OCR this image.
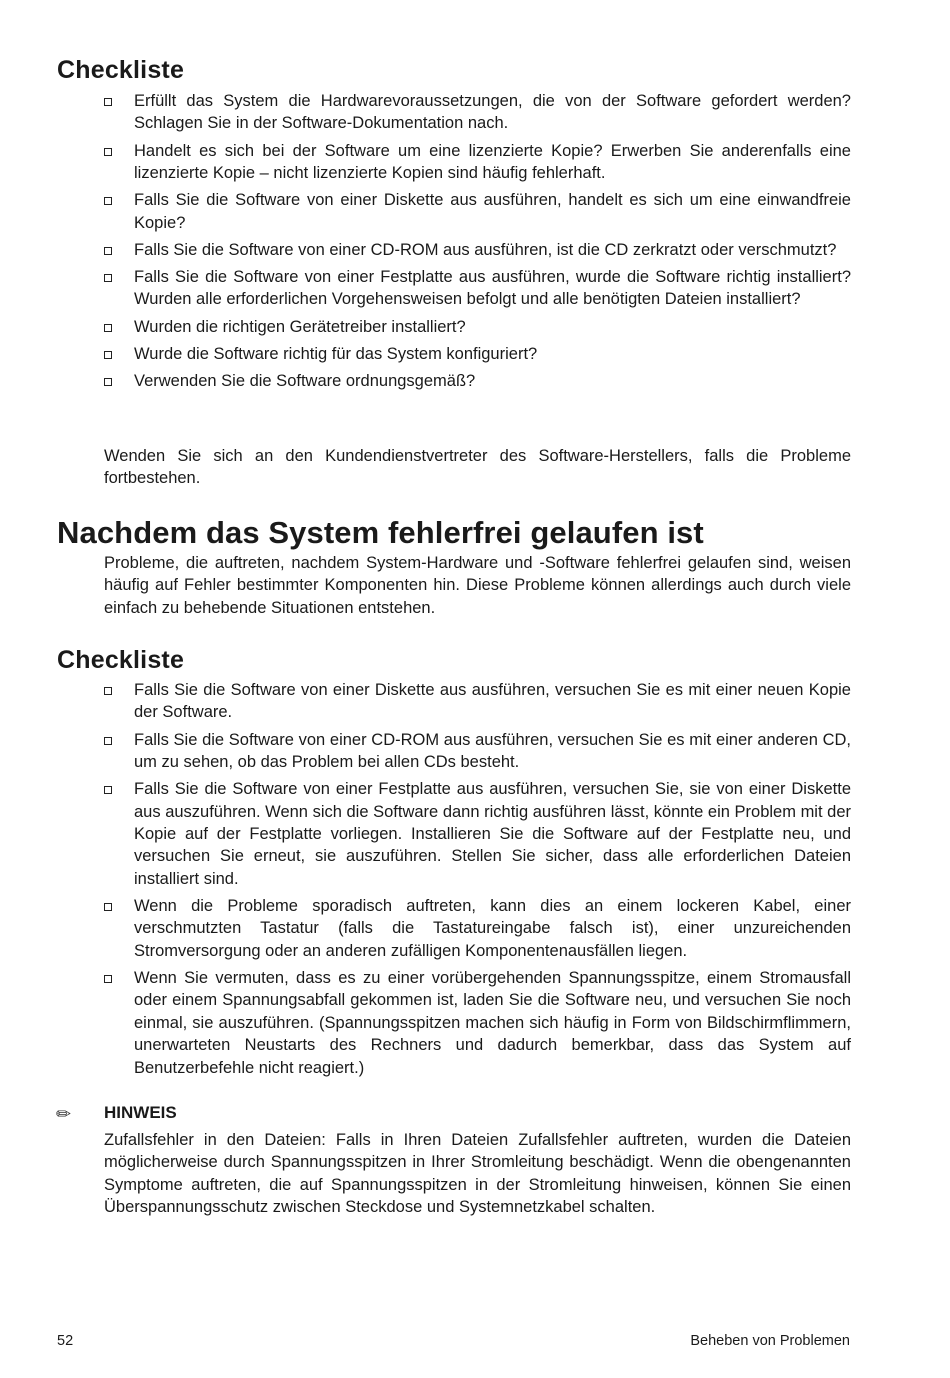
Checkliste
Erfüllt das System die Hardwarevoraussetzungen, die von der Software gefordert werden? Schlagen Sie in der Software-Dokumentation nach.
Handelt es sich bei der Software um eine lizenzierte Kopie? Erwerben Sie anderenfalls eine lizenzierte Kopie – nicht lizenzierte Kopien sind häufig fehlerhaft.
Falls Sie die Software von einer Diskette aus ausführen, handelt es sich um eine einwandfreie Kopie?
Falls Sie die Software von einer CD-ROM aus ausführen, ist die CD zerkratzt oder verschmutzt?
Falls Sie die Software von einer Festplatte aus ausführen, wurde die Software richtig installiert? Wurden alle erforderlichen Vorgehensweisen befolgt und alle benötigten Dateien installiert?
Wurden die richtigen Gerätetreiber installiert?
Wurde die Software richtig für das System konfiguriert?
Verwenden Sie die Software ordnungsgemäß?

Wenden Sie sich an den Kundendienstvertreter des Software-Herstellers, falls die Probleme fortbestehen.

Nachdem das System fehlerfrei gelaufen ist

Probleme, die auftreten, nachdem System-Hardware und -Software fehlerfrei gelaufen sind, weisen häufig auf Fehler bestimmter Komponenten hin. Diese Probleme können allerdings auch durch viele einfach zu behebende Situationen entstehen.

Checkliste
Falls Sie die Software von einer Diskette aus ausführen, versuchen Sie es mit einer neuen Kopie der Software.
Falls Sie die Software von einer CD-ROM aus ausführen, versuchen Sie es mit einer anderen CD, um zu sehen, ob das Problem bei allen CDs besteht.
Falls Sie die Software von einer Festplatte aus ausführen, versuchen Sie, sie von einer Diskette aus auszuführen. Wenn sich die Software dann richtig ausführen lässt, könnte ein Problem mit der Kopie auf der Festplatte vorliegen. Installieren Sie die Software auf der Festplatte neu, und versuchen Sie erneut, sie auszuführen. Stellen Sie sicher, dass alle erforderlichen Dateien installiert sind.
Wenn die Probleme sporadisch auftreten, kann dies an einem lockeren Kabel, einer verschmutzten Tastatur (falls die Tastatureingabe falsch ist), einer unzureichenden Stromversorgung oder an anderen zufälligen Komponentenausfällen liegen.
Wenn Sie vermuten, dass es zu einer vorübergehenden Spannungsspitze, einem Stromausfall oder einem Spannungsabfall gekommen ist, laden Sie die Software neu, und versuchen Sie noch einmal, sie auszuführen. (Spannungsspitzen machen sich häufig in Form von Bildschirmflimmern, unerwarteten Neustarts des Rechners und dadurch bemerkbar, dass das System auf Benutzerbefehle nicht reagiert.)
✏ HINWEIS

Zufallsfehler in den Dateien: Falls in Ihren Dateien Zufallsfehler auftreten, wurden die Dateien möglicherweise durch Spannungsspitzen in Ihrer Stromleitung beschädigt. Wenn die obengenannten Symptome auftreten, die auf Spannungsspitzen in der Stromleitung hinweisen, können Sie einen Überspannungsschutz zwischen Steckdose und Systemnetzkabel schalten.

52	Beheben von Problemen
